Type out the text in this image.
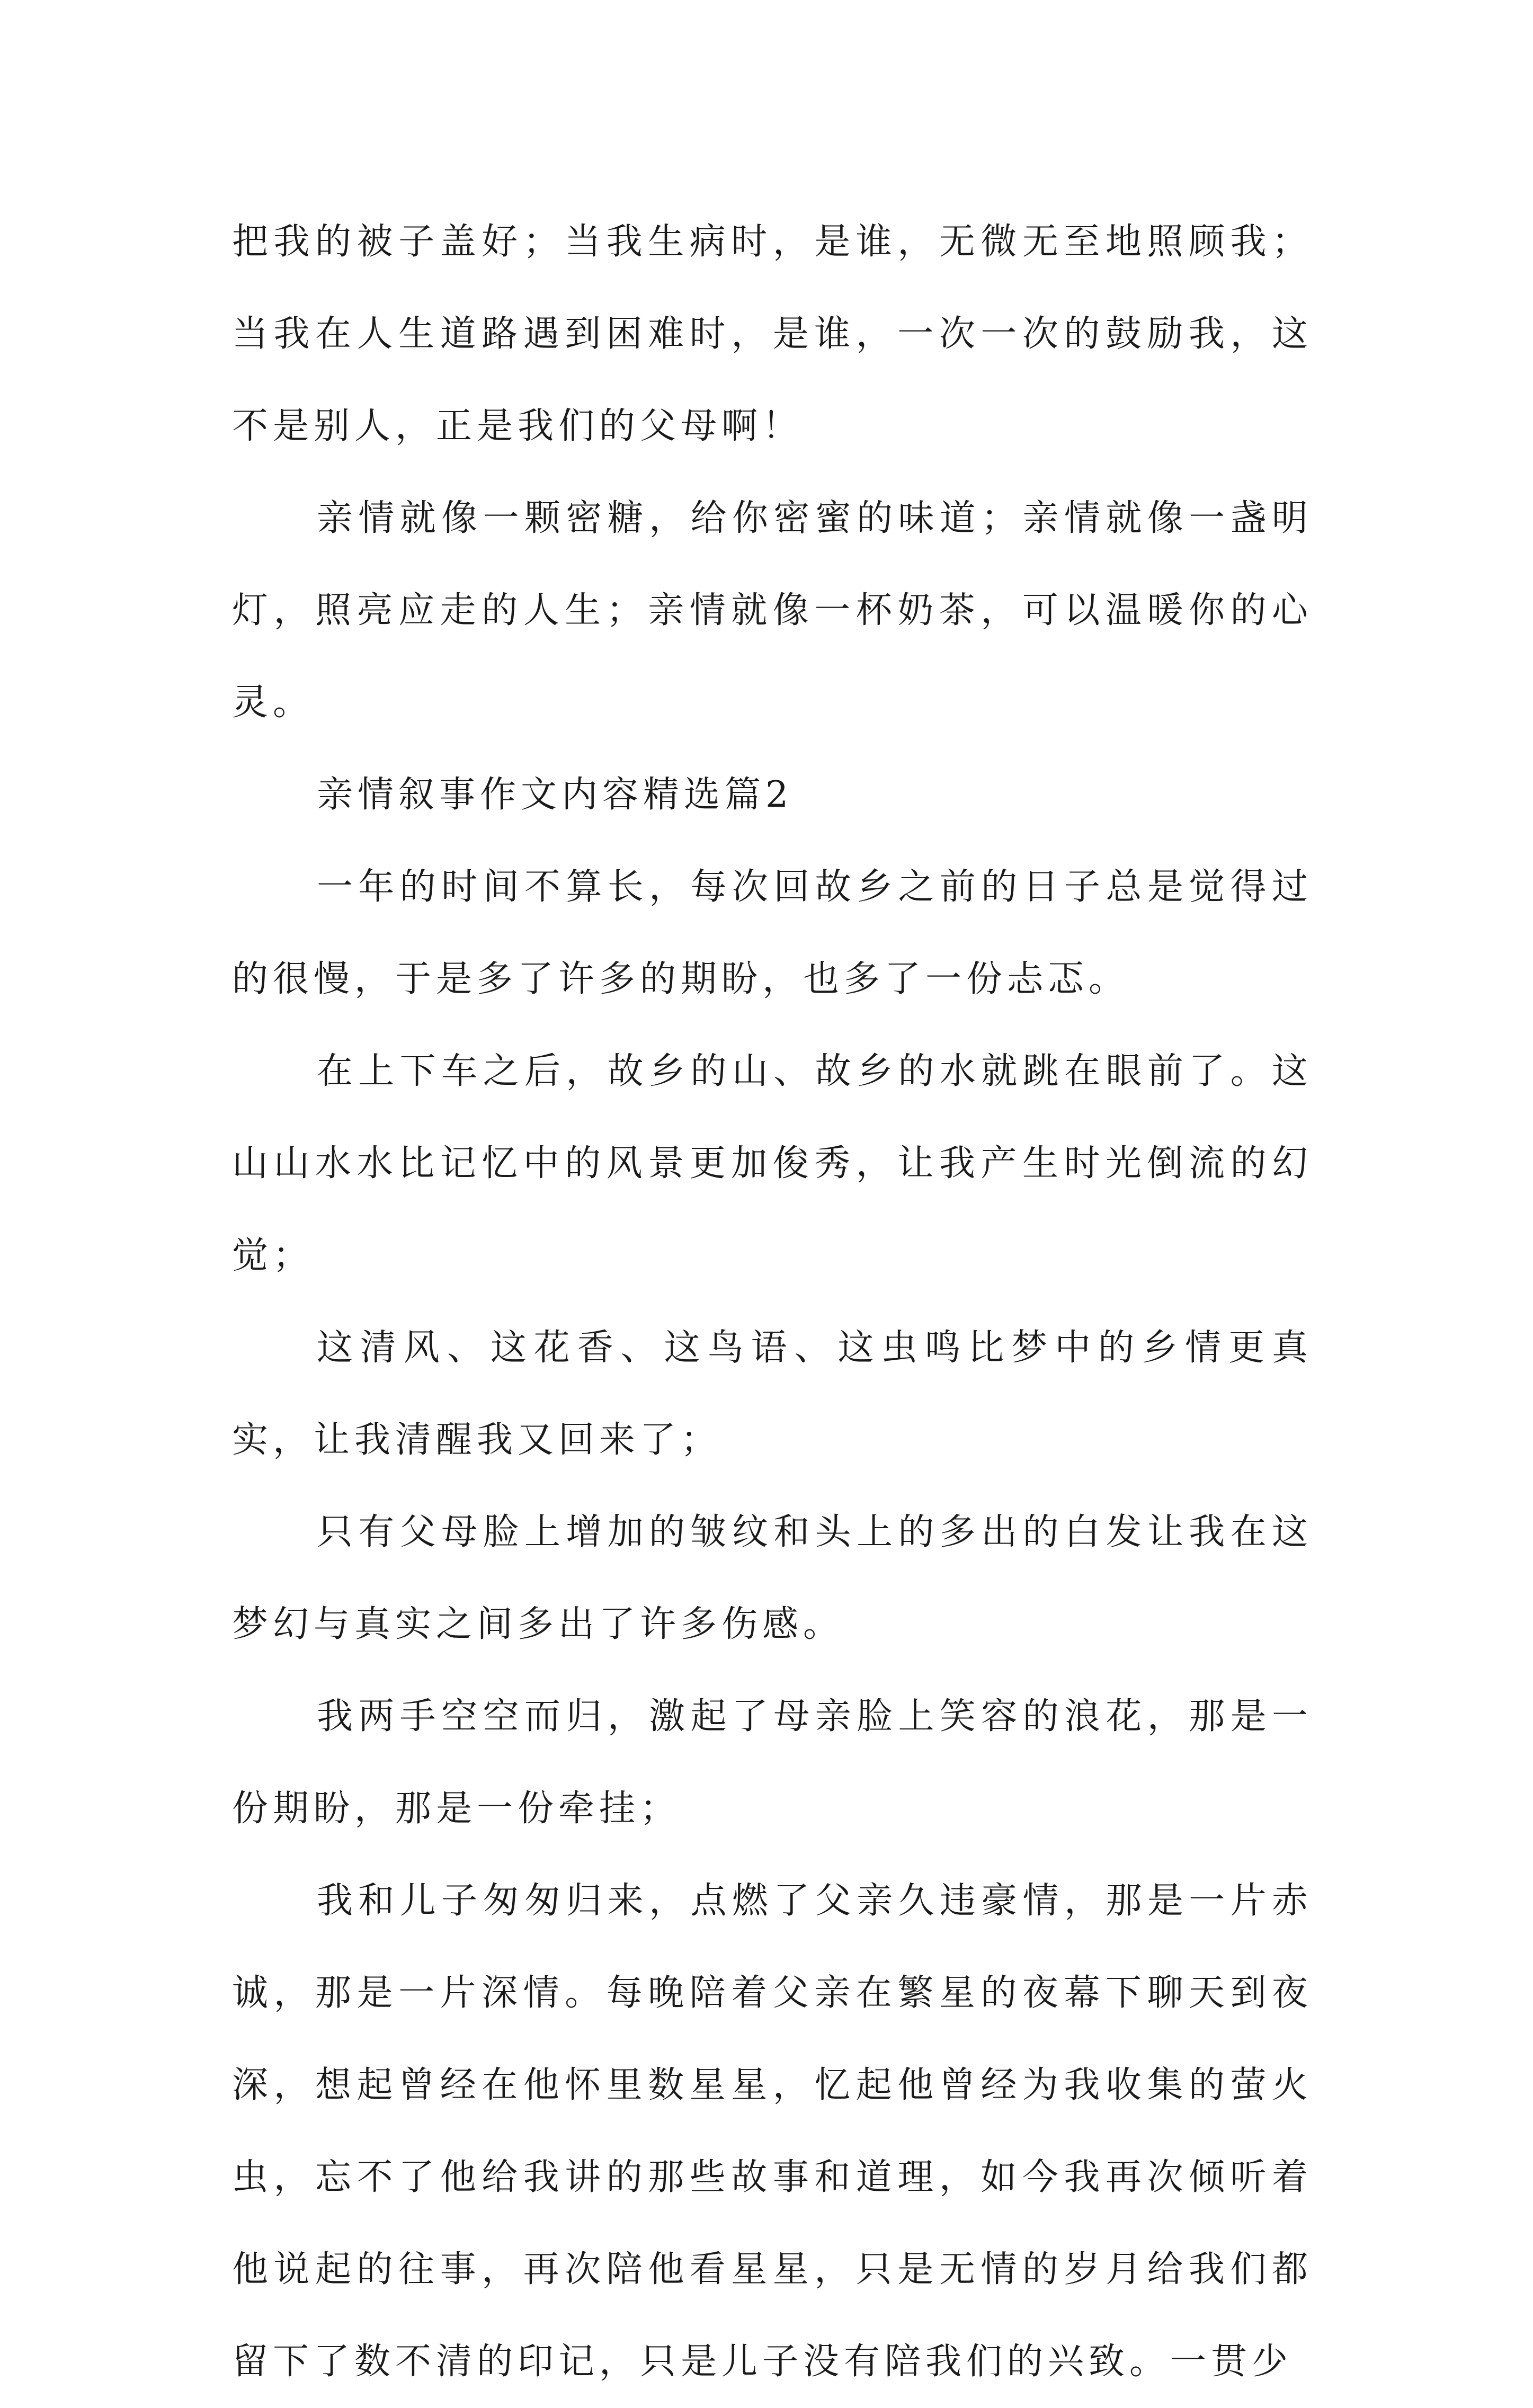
把我的被子盖好；当我生病时，是谁，无微无至地照顾我；当我在人生道路遇到困难时，是谁，一次一次的鼓励我，这不是别人，正是我们的父母啊！

亲情就像一颗密糖，给你密蜜的味道；亲情就像一盏明灯，照亮应走的人生；亲情就像一杯奶茶，可以温暖你的心灵。

亲情叙事作文内容精选篇2

一年的时间不算长，每次回故乡之前的日子总是觉得过的很慢，于是多了许多的期盼，也多了一份忐忑。

在上下车之后，故乡的山、故乡的水就跳在眼前了。这山山水水比记忆中的风景更加俊秀，让我产生时光倒流的幻觉；

这清风、这花香、这鸟语、这虫鸣比梦中的乡情更真实，让我清醒我又回来了；

只有父母脸上增加的皱纹和头上的多出的白发让我在这梦幻与真实之间多出了许多伤感。

我两手空空而归，激起了母亲脸上笑容的浪花，那是一份期盼，那是一份牵挂；

我和儿子匆匆归来，点燃了父亲久违豪情，那是一片赤诚，那是一片深情。每晚陪着父亲在繁星的夜幕下聊天到夜深，想起曾经在他怀里数星星，忆起他曾经为我收集的萤火虫，忘不了他给我讲的那些故事和道理，如今我再次倾听着他说起的往事，再次陪他看星星，只是无情的岁月给我们都留下了数不清的印记，只是儿子没有陪我们的兴致。一贯少
